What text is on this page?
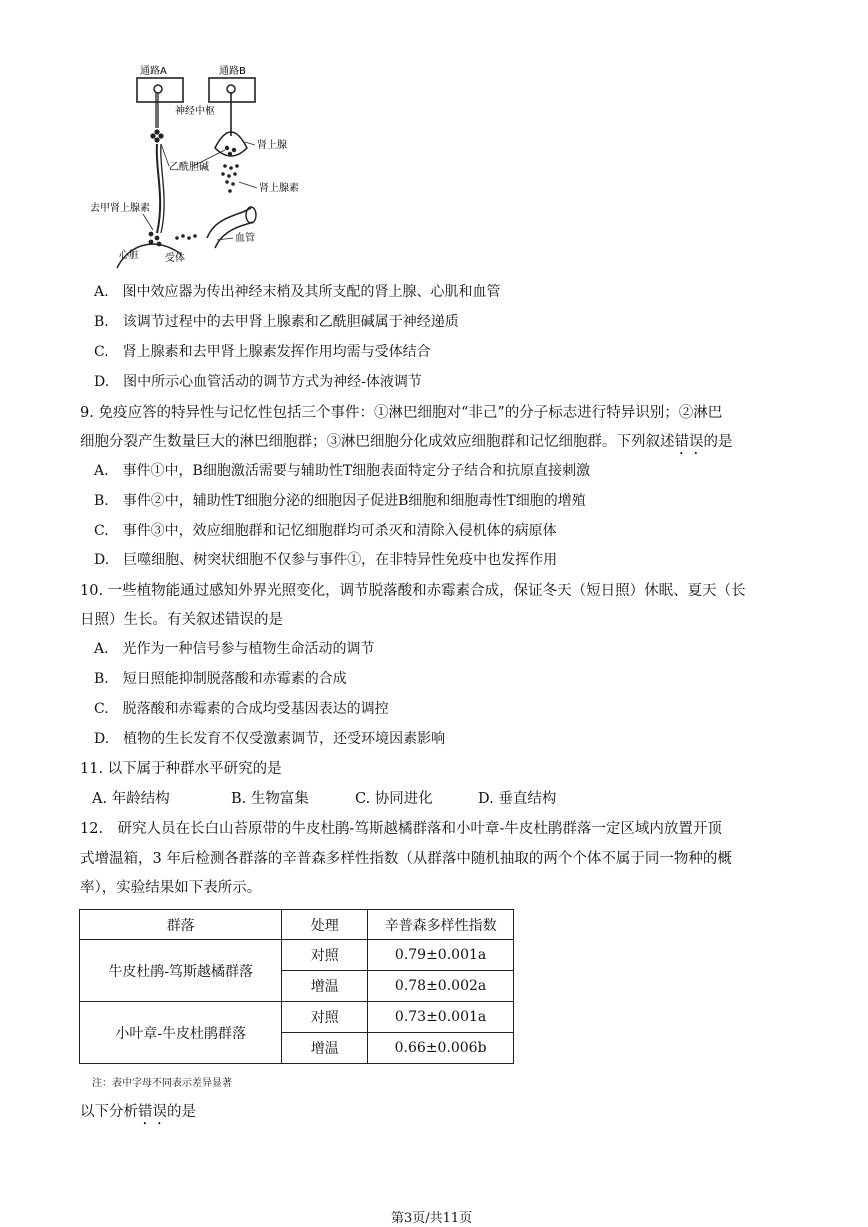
通路A	通路B
神经中枢
乙酰胆碱
肾上腺
肾上腺素
血管
去甲肾上腺素
心脏	受体
A.　图中效应器为传出神经末梢及其所支配的肾上腺、心肌和血管
B.　该调节过程中的去甲肾上腺素和乙酰胆碱属于神经递质
C.　肾上腺素和去甲肾上腺素发挥作用均需与受体结合
D.　图中所示心血管活动的调节方式为神经-体液调节
9. 免疫应答的特异性与记忆性包括三个事件：①淋巴细胞对“非己”的分子标志进行特异识别；②淋巴
细胞分裂产生数量巨大的淋巴细胞群；③淋巴细胞分化成效应细胞群和记忆细胞群。下列叙述错误的是
A.　事件①中，B细胞激活需要与辅助性T细胞表面特定分子结合和抗原直接刺激
B.　事件②中，辅助性T细胞分泌的细胞因子促进B细胞和细胞毒性T细胞的增殖
C.　事件③中，效应细胞群和记忆细胞群均可杀灭和清除入侵机体的病原体
D.　巨噬细胞、树突状细胞不仅参与事件①，在非特异性免疫中也发挥作用
10. 一些植物能通过感知外界光照变化，调节脱落酸和赤霉素合成，保证冬天（短日照）休眠、夏天（长
日照）生长。有关叙述错误的是
A.　光作为一种信号参与植物生命活动的调节
B.　短日照能抑制脱落酸和赤霉素的合成
C.　脱落酸和赤霉素的合成均受基因表达的调控
D.　植物的生长发育不仅受激素调节，还受环境因素影响
11. 以下属于种群水平研究的是
A. 年龄结构	B. 生物富集	C. 协同进化	D. 垂直结构
12.　研究人员在长白山苔原带的牛皮杜鹃-笃斯越橘群落和小叶章-牛皮杜鹃群落一定区域内放置开顶
式增温箱，3 年后检测各群落的辛普森多样性指数（从群落中随机抽取的两个个体不属于同一物种的概
率），实验结果如下表所示。
群落	处理	辛普森多样性指数
牛皮杜鹃-笃斯越橘群落	对照	0.79±0.001a
	增温	0.78±0.002a
小叶章-牛皮杜鹃群落	对照	0.73±0.001a
	增温	0.66±0.006b
注：表中字母不同表示差异显著
以下分析错误的是
第3页/共11页
